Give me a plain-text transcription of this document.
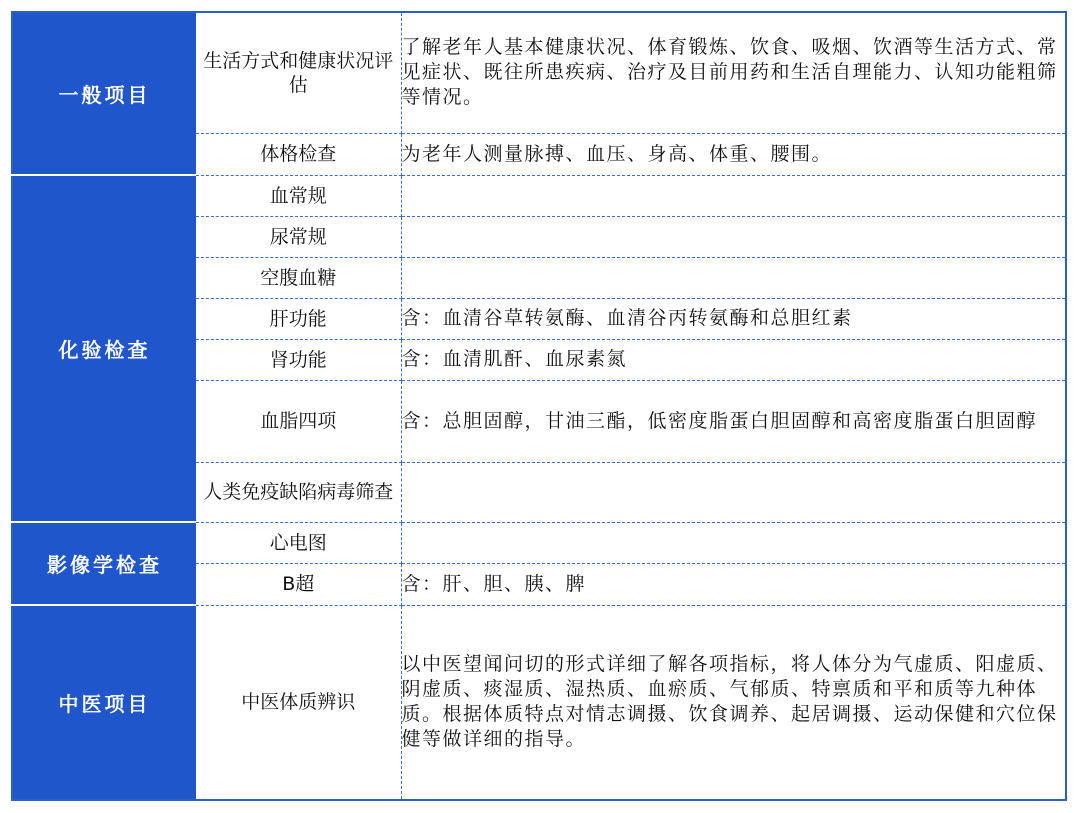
一般项目	生活方式和健康状况评估	了解老年人基本健康状况、体育锻炼、饮食、吸烟、饮酒等生活方式、常见症状、既往所患疾病、治疗及目前用药和生活自理能力、认知功能粗筛等情况。
	体格检查	为老年人测量脉搏、血压、身高、体重、腰围。
化验检查	血常规	
	尿常规	
	空腹血糖	
	肝功能	含：血清谷草转氨酶、血清谷丙转氨酶和总胆红素
	肾功能	含：血清肌酐、血尿素氮
	血脂四项	含：总胆固醇，甘油三酯，低密度脂蛋白胆固醇和高密度脂蛋白胆固醇
	人类免疫缺陷病毒筛查	
影像学检查	心电图	
	B超	含：肝、胆、胰、脾
中医项目	中医体质辨识	以中医望闻问切的形式详细了解各项指标，将人体分为气虚质、阳虚质、阴虚质、痰湿质、湿热质、血瘀质、气郁质、特禀质和平和质等九种体质。根据体质特点对情志调摄、饮食调养、起居调摄、运动保健和穴位保健等做详细的指导。
